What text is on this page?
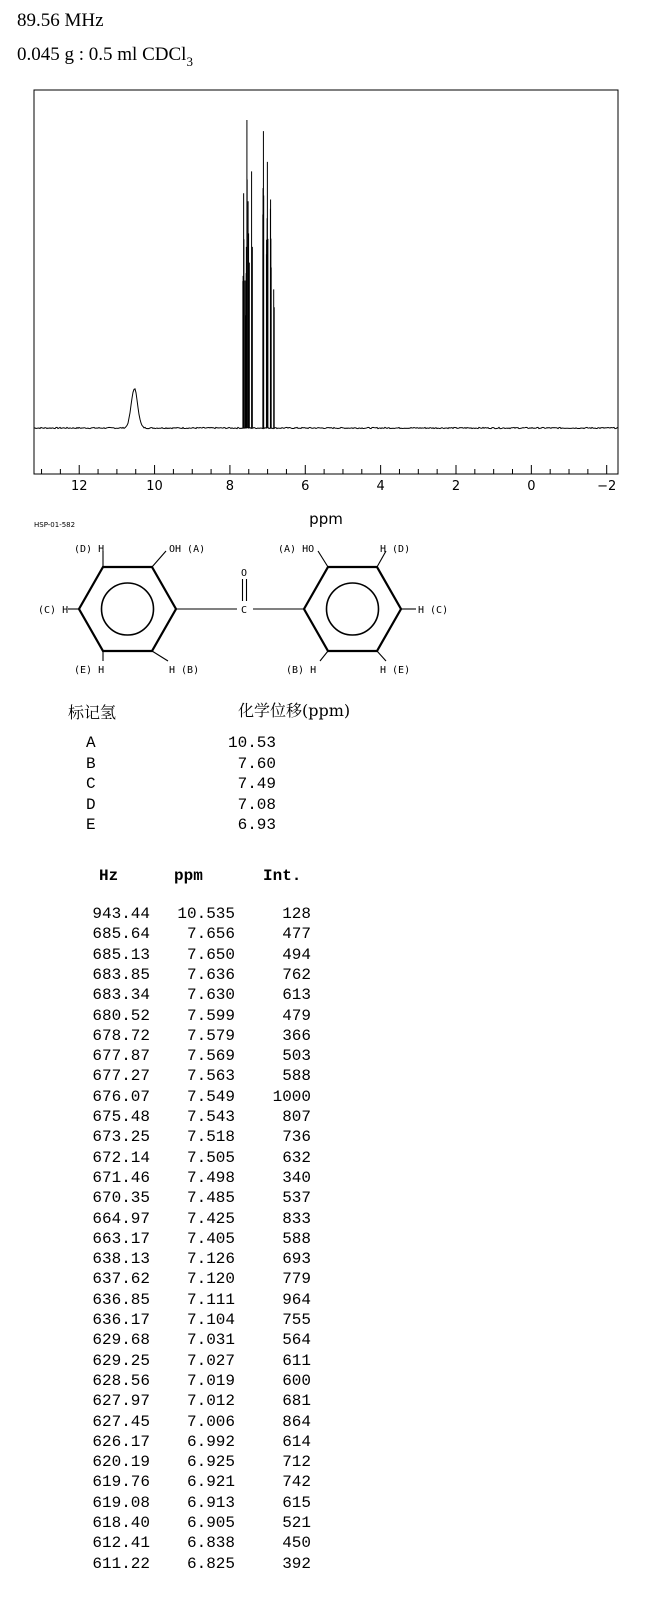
89.56 MHz
0.045 g : 0.5 ml CDCl$_3$
12	10	8	6	4	2	0	−2
ppm
HSP-01-582
(D) H	OH (A)	(A) HO	H (D)
(C) H	H (C)
(E) H	H (B)	(B) H	H (E)
O
C
标记氢	化学位移(ppm)
A	10.53
B	7.60
C	7.49
D	7.08
E	6.93
Hz	ppm	Int.
943.44 10.535	128
685.64 7.656	477
685.13 7.650	494
683.85 7.636	762
683.34 7.630	613
680.52 7.599	479
678.72 7.579	366
677.87 7.569	503
677.27 7.563	588
676.07 7.549 1000
675.48 7.543	807
673.25 7.518	736
672.14 7.505	632
671.46 7.498	340
670.35 7.485	537
664.97 7.425	833
663.17 7.405	588
638.13 7.126	693
637.62 7.120	779
636.85 7.111	964
636.17 7.104	755
629.68 7.031	564
629.25 7.027	611
628.56 7.019	600
627.97 7.012	681
627.45 7.006	864
626.17 6.992	614
620.19 6.925	712
619.76 6.921	742
619.08 6.913	615
618.40 6.905	521
612.41 6.838	450
611.22 6.825	392
